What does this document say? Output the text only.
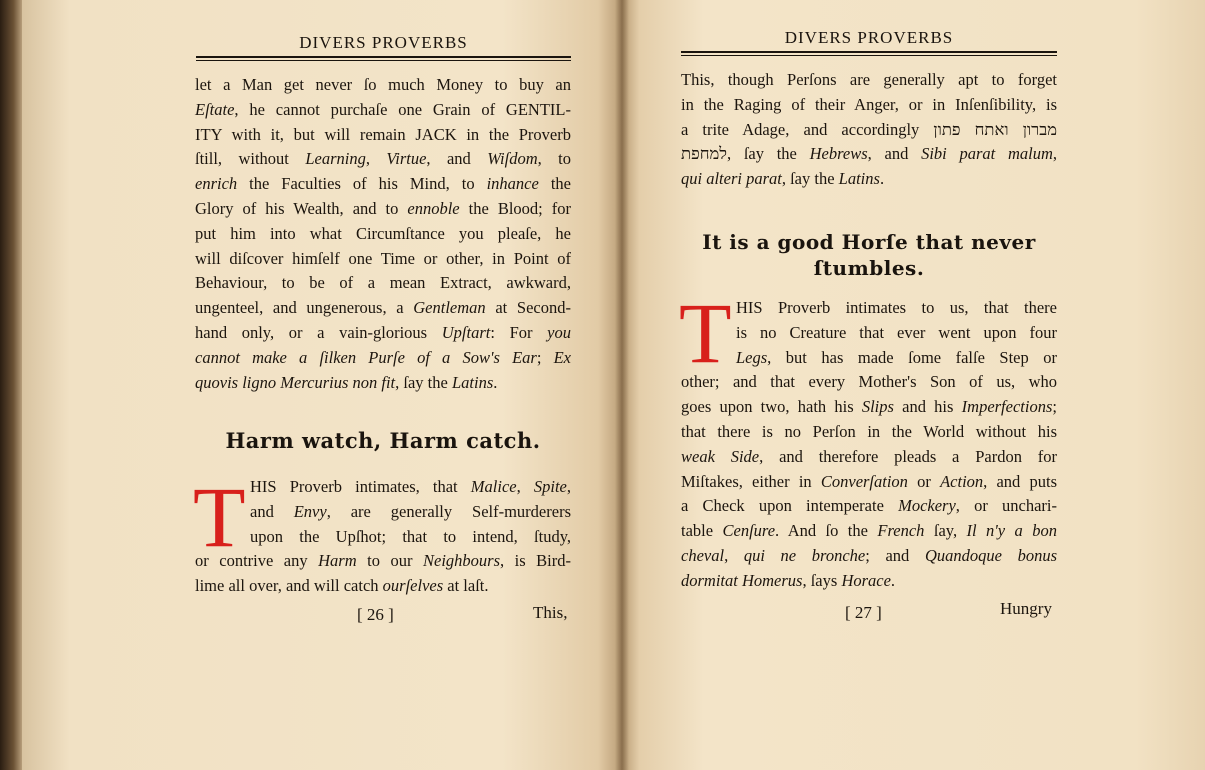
DIVERS PROVERBS
let a Man get never ſo much Money to buy an
Eſtate, he cannot purchaſe one Grain of GENTIL-
ITY with it, but will remain JACK in the Proverb
ſtill, without Learning, Virtue, and Wiſdom, to
enrich the Faculties of his Mind, to inhance the
Glory of his Wealth, and to ennoble the Blood; for
put him into what Circumſtance you pleaſe, he
will diſcover himſelf one Time or other, in Point of
Behaviour, to be of a mean Extract, awkward,
ungenteel, and ungenerous, a Gentleman at Second-
hand only, or a vain-glorious Upſtart: For you
cannot make a ſilken Purſe of a Sow's Ear; Ex
quovis ligno Mercurius non fit, ſay the Latins.
Harm watch, Harm catch.
T HIS Proverb intimates, that Malice, Spite,
and Envy, are generally Self-murderers
upon the Upſhot; that to intend, ſtudy,
or contrive any Harm to our Neighbours, is Bird-
lime all over, and will catch ourſelves at laſt.
[ 26 ]	This,
DIVERS PROVERBS
This, though Perſons are generally apt to forget
in the Raging of their Anger, or in Inſenſibility, is
a trite Adage, and accordingly מברון ואתח פתון
למחפת, ſay the Hebrews, and Sibi parat malum,
qui alteri parat, ſay the Latins.
It is a good Horſe that never
ſtumbles.
T HIS Proverb intimates to us, that there
is no Creature that ever went upon four
Legs, but has made ſome falſe Step or
other; and that every Mother's Son of us, who
goes upon two, hath his Slips and his Imperfections;
that there is no Perſon in the World without his
weak Side, and therefore pleads a Pardon for
Miſtakes, either in Converſation or Action, and puts
a Check upon intemperate Mockery, or unchari-
table Cenſure. And ſo the French ſay, Il n'y a bon
cheval, qui ne bronche; and Quandoque bonus
dormitat Homerus, ſays Horace.
[ 27 ]	Hungry
